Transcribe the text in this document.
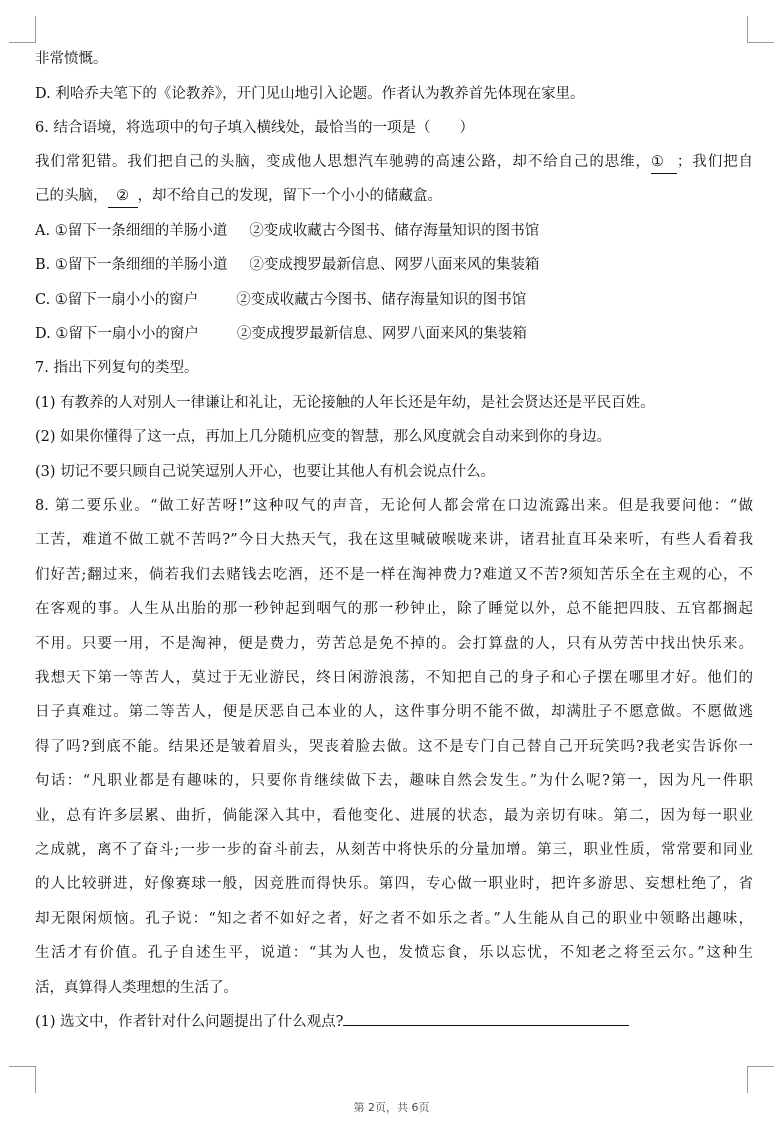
非常愤慨。
D. 利哈乔夫笔下的《论教养》，开门见山地引入论题。作者认为教养首先体现在家里。
6. 结合语境，将选项中的句子填入横线处，最恰当的一项是（　　）
我们常犯错。我们把自己的头脑，变成他人思想汽车驰骋的高速公路，却不给自己的思维，① ；我们把自
己的头脑， ② ，却不给自己的发现，留下一个小小的储藏盒。
A. ①留下一条细细的羊肠小道 ②变成收藏古今图书、储存海量知识的图书馆
B. ①留下一条细细的羊肠小道 ②变成搜罗最新信息、网罗八面来风的集装箱
C. ①留下一扇小小的窗户	②变成收藏古今图书、储存海量知识的图书馆
D. ①留下一扇小小的窗户	②变成搜罗最新信息、网罗八面来风的集装箱
7. 指出下列复句的类型。
(1) 有教养的人对别人一律谦让和礼让，无论接触的人年长还是年幼，是社会贤达还是平民百姓。
(2) 如果你懂得了这一点，再加上几分随机应变的智慧，那么风度就会自动来到你的身边。
(3) 切记不要只顾自己说笑逗别人开心，也要让其他人有机会说点什么。
8. 第二要乐业。“做工好苦呀!”这种叹气的声音，无论何人都会常在口边流露出来。但是我要问他：“做
工苦，难道不做工就不苦吗?”今日大热天气，我在这里喊破喉咙来讲，诸君扯直耳朵来听，有些人看着我
们好苦;翻过来，倘若我们去赌钱去吃酒，还不是一样在淘神费力?难道又不苦?须知苦乐全在主观的心，不
在客观的事。人生从出胎的那一秒钟起到咽气的那一秒钟止，除了睡觉以外，总不能把四肢、五官都搁起
不用。只要一用，不是淘神，便是费力，劳苦总是免不掉的。会打算盘的人，只有从劳苦中找出快乐来。
我想天下第一等苦人，莫过于无业游民，终日闲游浪荡，不知把自己的身子和心子摆在哪里才好。他们的
日子真难过。第二等苦人，便是厌恶自己本业的人，这件事分明不能不做，却满肚子不愿意做。不愿做逃
得了吗?到底不能。结果还是皱着眉头，哭丧着脸去做。这不是专门自己替自己开玩笑吗?我老实告诉你一
句话：“凡职业都是有趣味的，只要你肯继续做下去，趣味自然会发生。”为什么呢?第一，因为凡一件职
业，总有许多层累、曲折，倘能深入其中，看他变化、进展的状态，最为亲切有味。第二，因为每一职业
之成就，离不了奋斗;一步一步的奋斗前去，从刻苦中将快乐的分量加增。第三，职业性质，常常要和同业
的人比较骈进，好像赛球一般，因竞胜而得快乐。第四，专心做一职业时，把许多游思、妄想杜绝了，省
却无限闲烦恼。孔子说：“知之者不如好之者，好之者不如乐之者。”人生能从自己的职业中领略出趣味，
生活才有价值。孔子自述生平，说道：“其为人也，发愤忘食，乐以忘忧，不知老之将至云尔。”这种生
活，真算得人类理想的生活了。
(1) 选文中，作者针对什么问题提出了什么观点?
第 2页，共 6页
